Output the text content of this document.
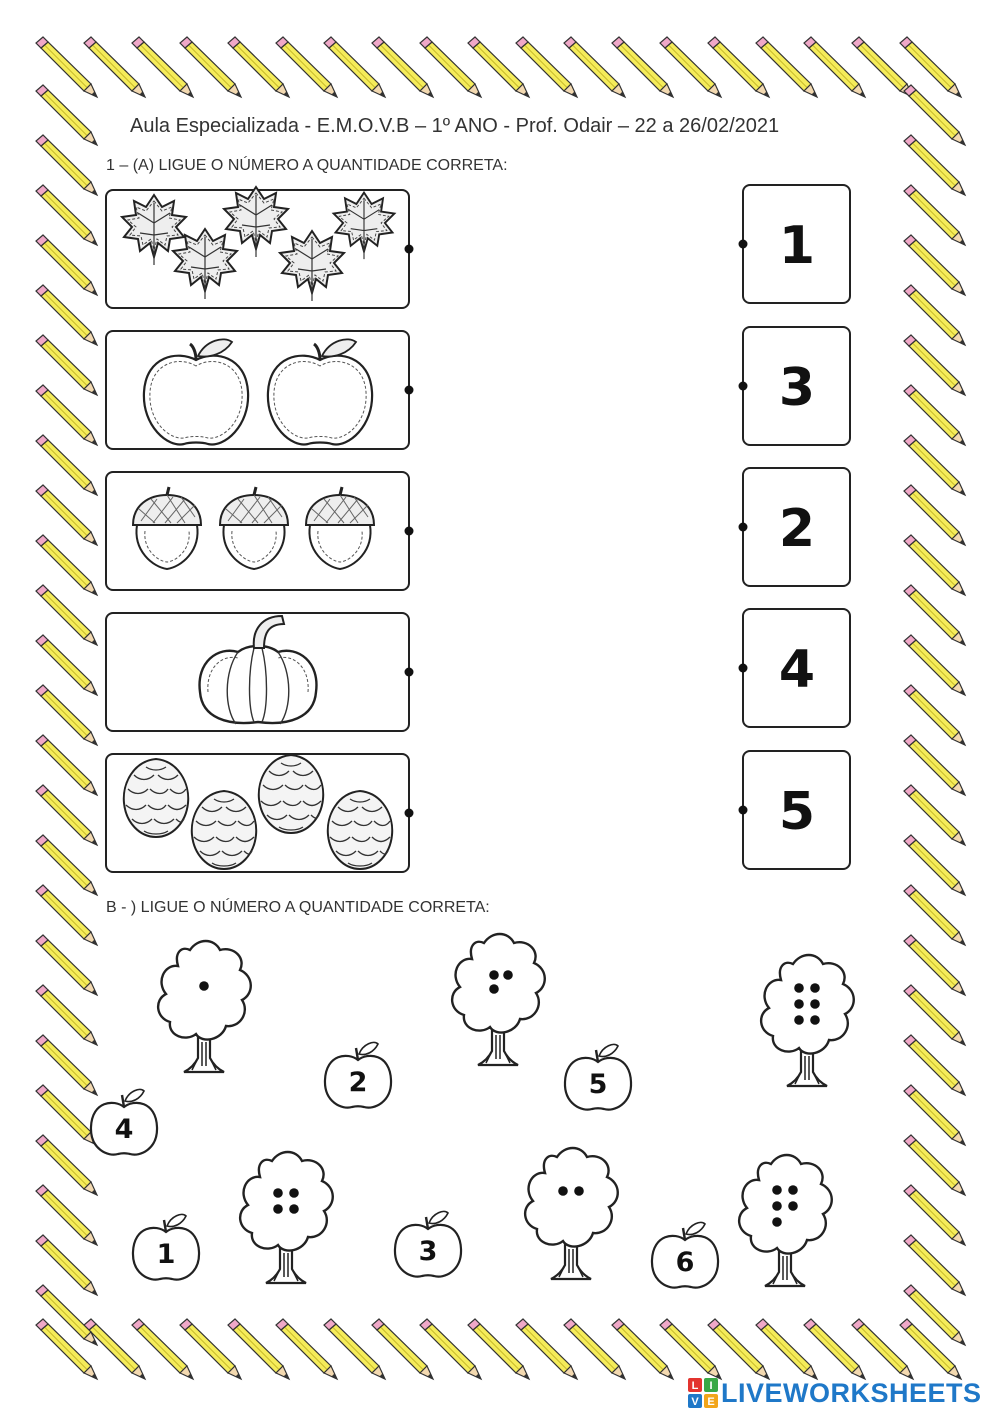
Aula Especializada - E.M.O.V.B – 1º ANO - Prof. Odair – 22 a 26/02/2021
1 – (A) LIGUE O NÚMERO A QUANTIDADE CORRETA:
B - ) LIGUE O NÚMERO A QUANTIDADE CORRETA:
1
3
2
4
5
2	5
4
1	3	6
L I
V E LIVEWORKSHEETS
